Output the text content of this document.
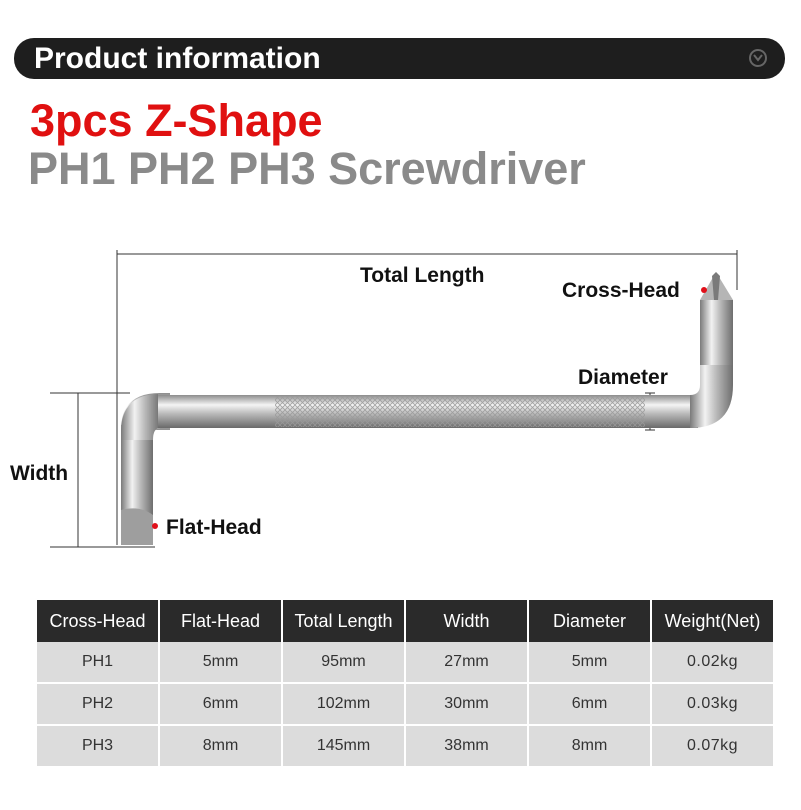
Product information
3pcs Z-Shape
PH1 PH2 PH3 Screwdriver
Total Length
Cross-Head
Diameter
Width
Flat-Head
Cross-Head	Flat-Head	Total Length	Width	Diameter	Weight(Net)
PH1	5mm	95mm	27mm	5mm	0.02kg
PH2	6mm	102mm	30mm	6mm	0.03kg
PH3	8mm	145mm	38mm	8mm	0.07kg
